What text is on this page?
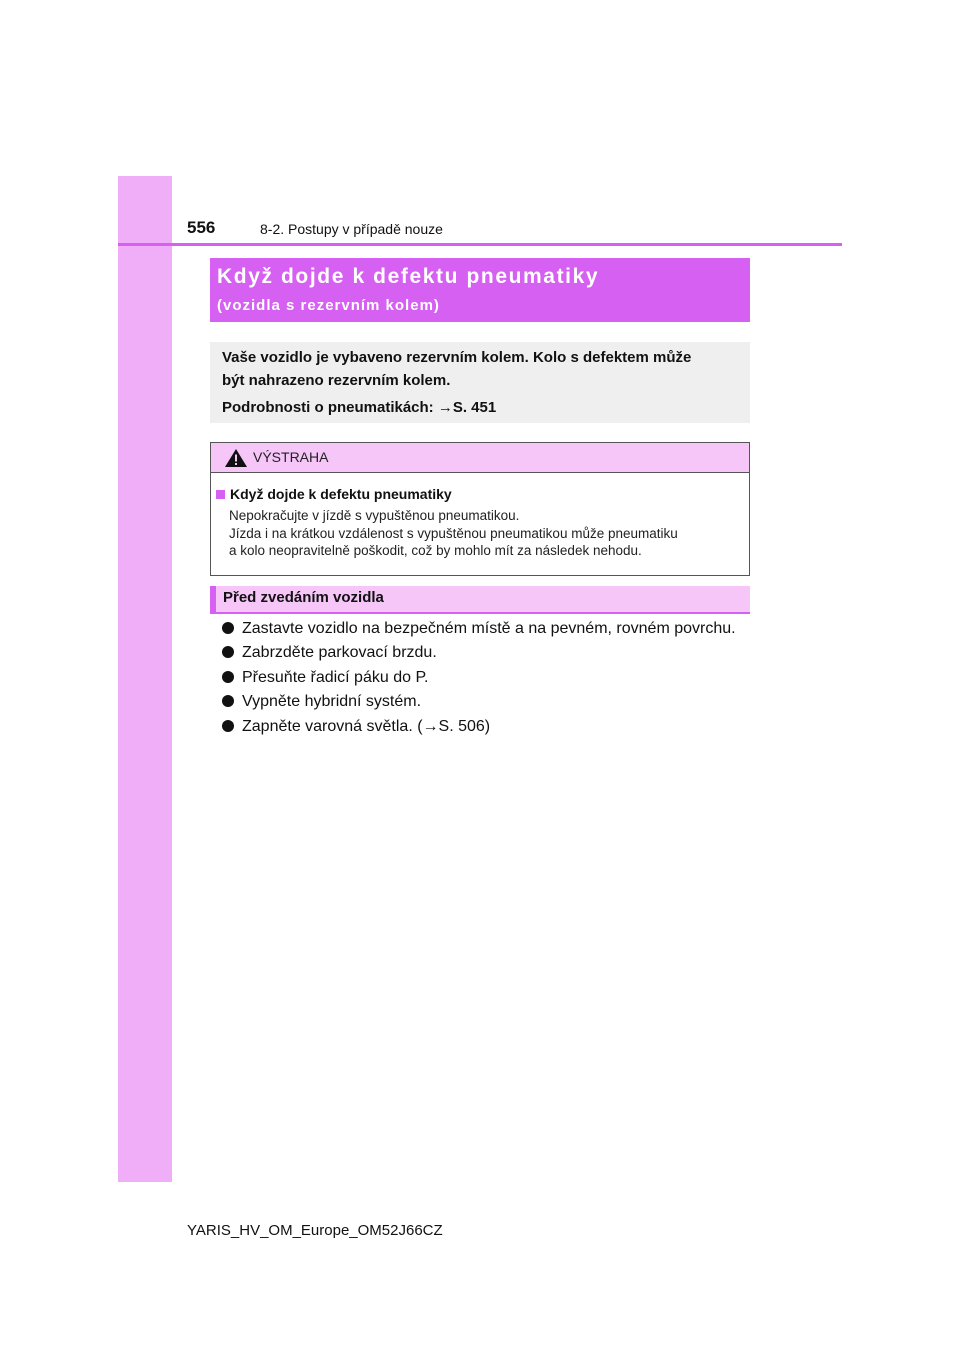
556	8-2. Postupy v případě nouze
Když dojde k defektu pneumatiky
(vozidla s rezervním kolem)

Vaše vozidlo je vybaveno rezervním kolem. Kolo s defektem může

být nahrazeno rezervním kolem.

Podrobnosti o pneumatikách: →S. 451

VÝSTRAHA
Když dojde k defektu pneumatiky

Nepokračujte v jízdě s vypuštěnou pneumatikou.

Jízda i na krátkou vzdálenost s vypuštěnou pneumatikou může pneumatiku

a kolo neopravitelně poškodit, což by mohlo mít za následek nehodu.

Před zvedáním vozidla
Zastavte vozidlo na bezpečném místě a na pevném, rovném povrchu.
Zabrzděte parkovací brzdu.
Přesuňte řadicí páku do P.
Vypněte hybridní systém.
Zapněte varovná světla. (→S. 506)
YARIS_HV_OM_Europe_OM52J66CZ
